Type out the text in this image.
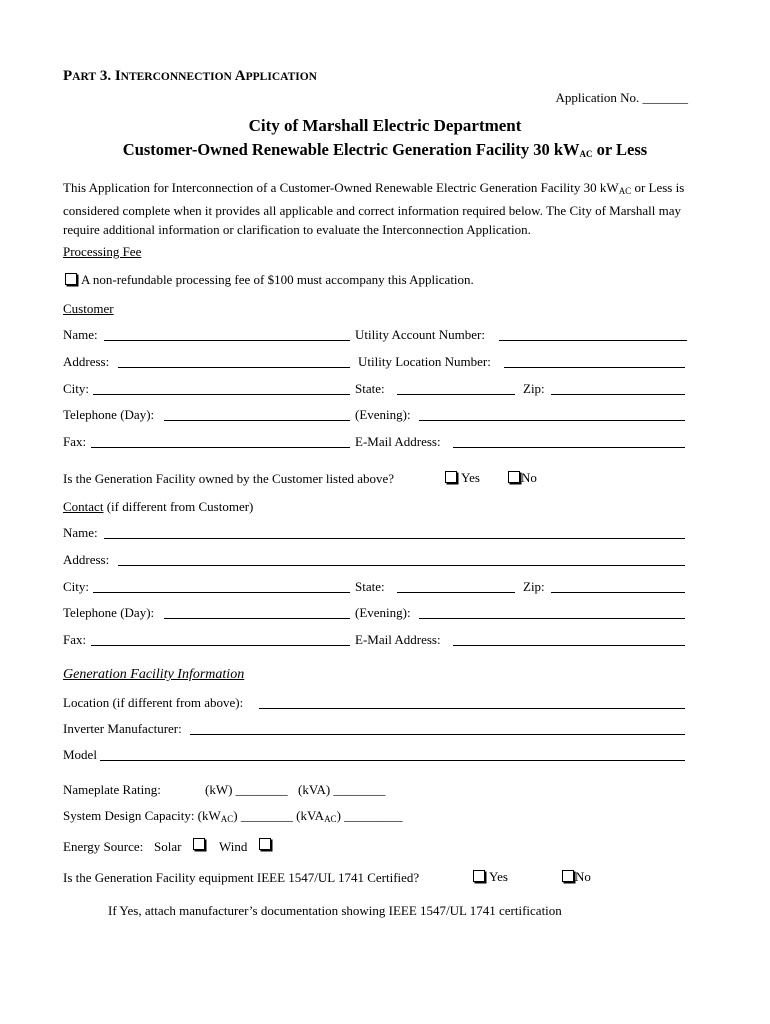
PART 3. INTERCONNECTION APPLICATION
Application No. _______
City of Marshall Electric Department
Customer-Owned Renewable Electric Generation Facility 30 $kW_{AC}$ or Less
This Application for Interconnection of a Customer-Owned Renewable Electric Generation Facility 30 $kW_{AC}$ or Less is considered complete when it provides all applicable and correct information required below. The City of Marshall may require additional information or clarification to evaluate the Interconnection Application.
Processing Fee
A non-refundable processing fee of $100 must accompany this Application.
Customer
Name:	Utility Account Number:
Address:	Utility Location Number:
City:	State:	Zip:
Telephone (Day):	(Evening):
Fax:	E-Mail Address:
Is the Generation Facility owned by the Customer listed above?	Yes	No
Contact (if different from Customer)
Name:
Address:
City:	State:	Zip:
Telephone (Day):	(Evening):
Fax:	E-Mail Address:
Generation Facility Information
Location (if different from above):
Inverter Manufacturer:
Model
Nameplate Rating:	(kW) ________ (kVA) ________
System Design Capacity: $(kW_{AC})$ ________ (kVA$_{AC}$) _________
Energy Source: Solar	Wind
Is the Generation Facility equipment IEEE 1547/UL 1741 Certified?	Yes	No
If Yes, attach manufacturer’s documentation showing IEEE 1547/UL 1741 certification
